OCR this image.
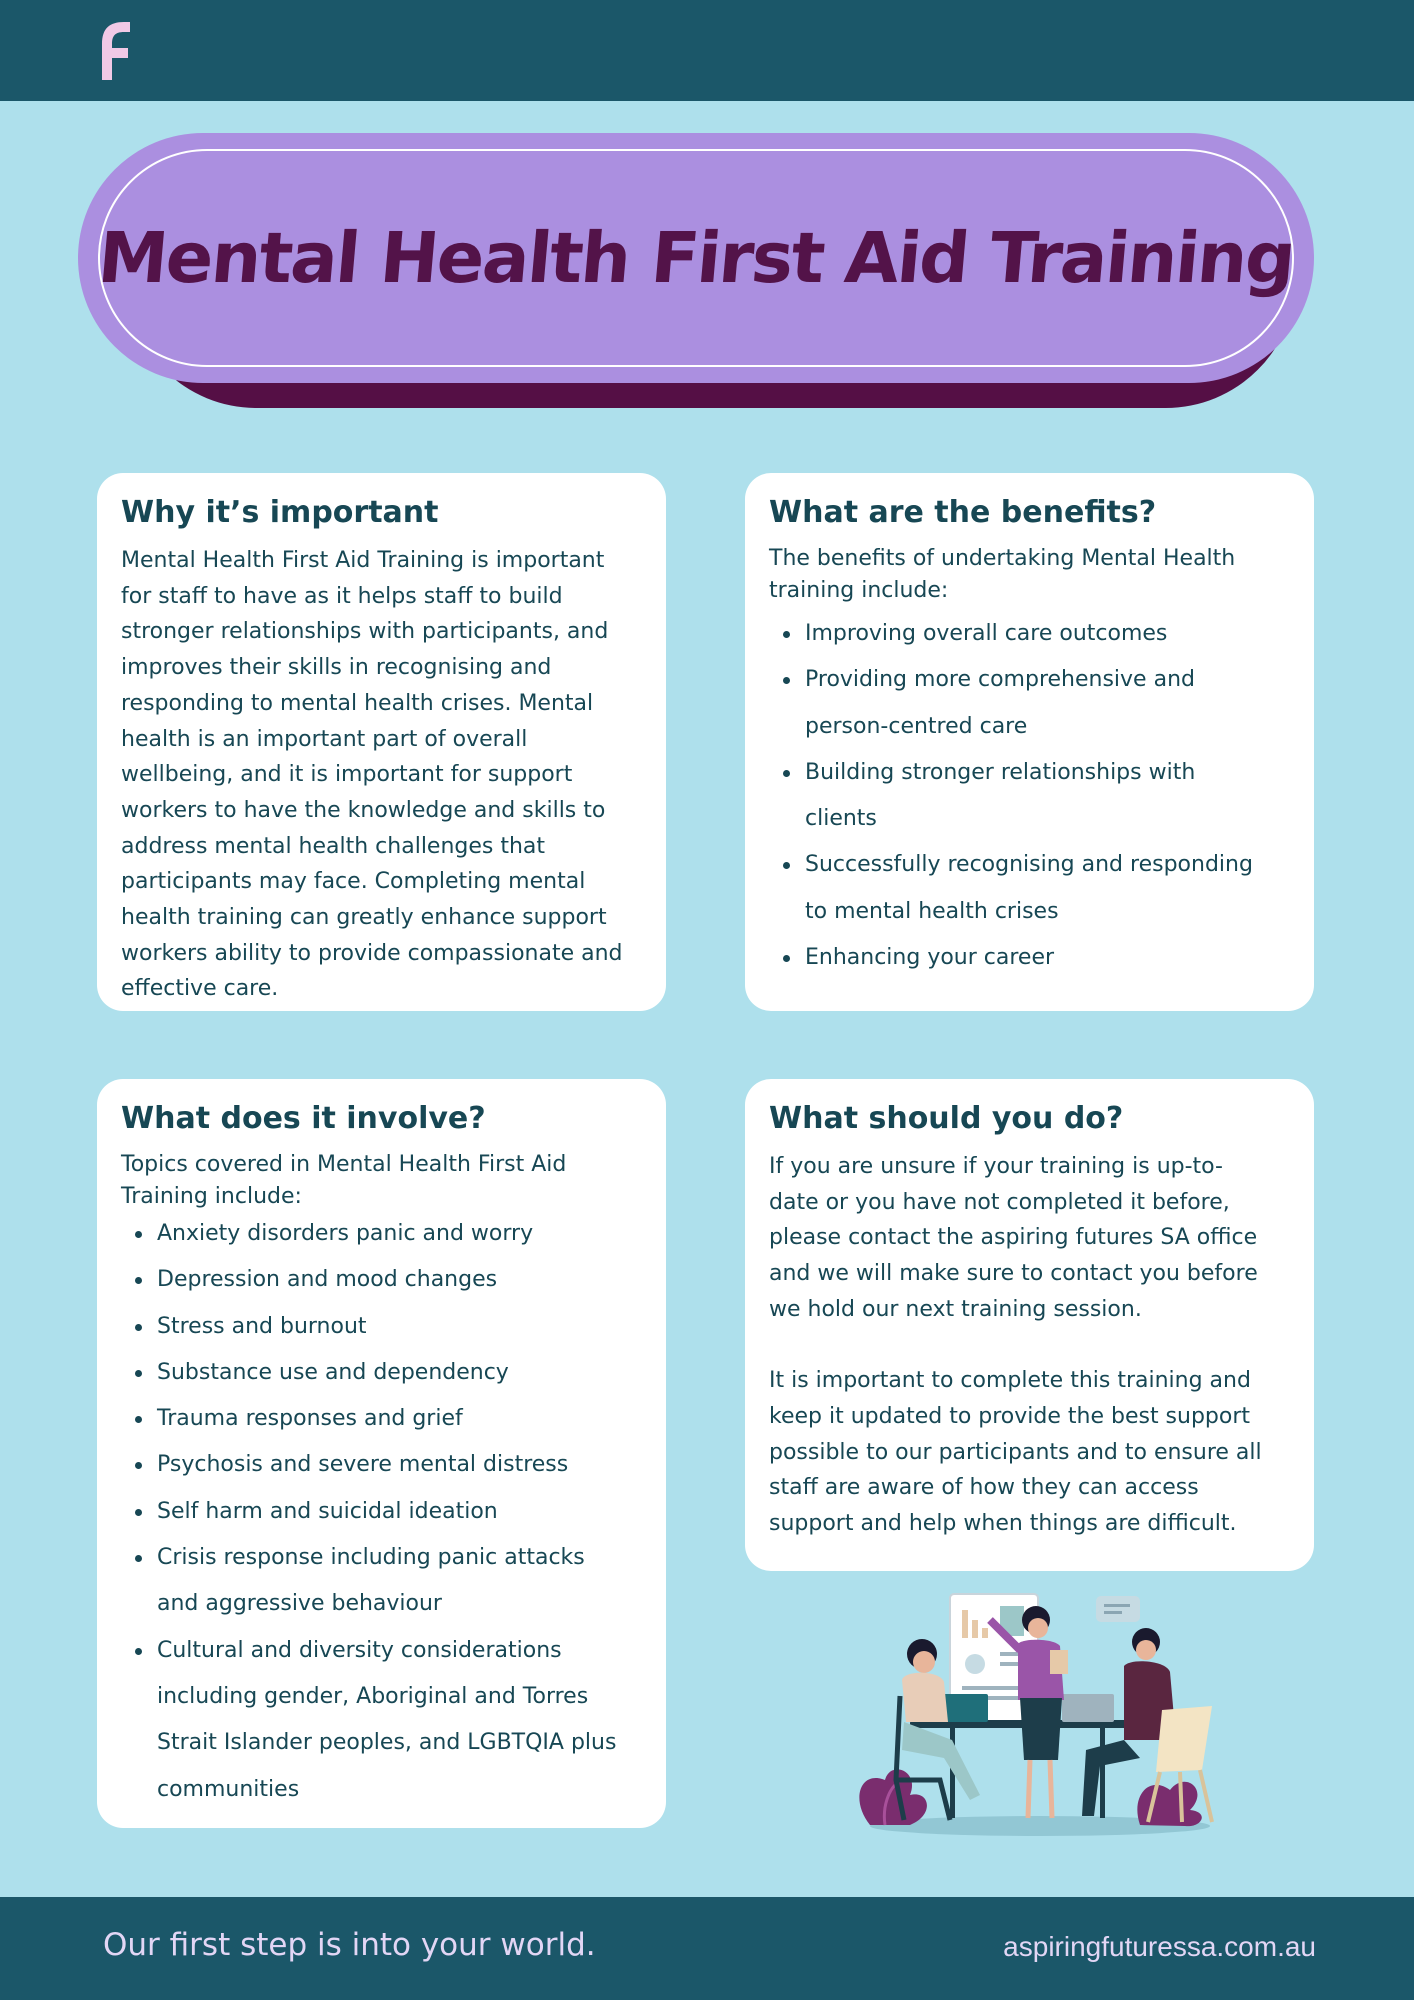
Mental Health First Aid Training
Why it’s important

Mental Health First Aid Training is important
for staff to have as it helps staff to build
stronger relationships with participants, and
improves their skills in recognising and
responding to mental health crises. Mental
health is an important part of overall
wellbeing, and it is important for support
workers to have the knowledge and skills to
address mental health challenges that
participants may face. Completing mental
health training can greatly enhance support
workers ability to provide compassionate and
effective care.

What are the benefits?

The benefits of undertaking Mental Health
training include:

Improving overall care outcomes
Providing more comprehensive and
person-centred care
Building stronger relationships with
clients
Successfully recognising and responding
to mental health crises
Enhancing your career
What does it involve?

Topics covered in Mental Health First Aid
Training include:

Anxiety disorders panic and worry
Depression and mood changes
Stress and burnout
Substance use and dependency
Trauma responses and grief
Psychosis and severe mental distress
Self harm and suicidal ideation
Crisis response including panic attacks
and aggressive behaviour
Cultural and diversity considerations
including gender, Aboriginal and Torres
Strait Islander peoples, and LGBTQIA plus
communities
What should you do?

If you are unsure if your training is up-to-
date or you have not completed it before,
please contact the aspiring futures SA office
and we will make sure to contact you before
we hold our next training session.

It is important to complete this training and
keep it updated to provide the best support
possible to our participants and to ensure all
staff are aware of how they can access
support and help when things are difficult.

Our first step is into your world.	aspiringfuturessa.com.au
